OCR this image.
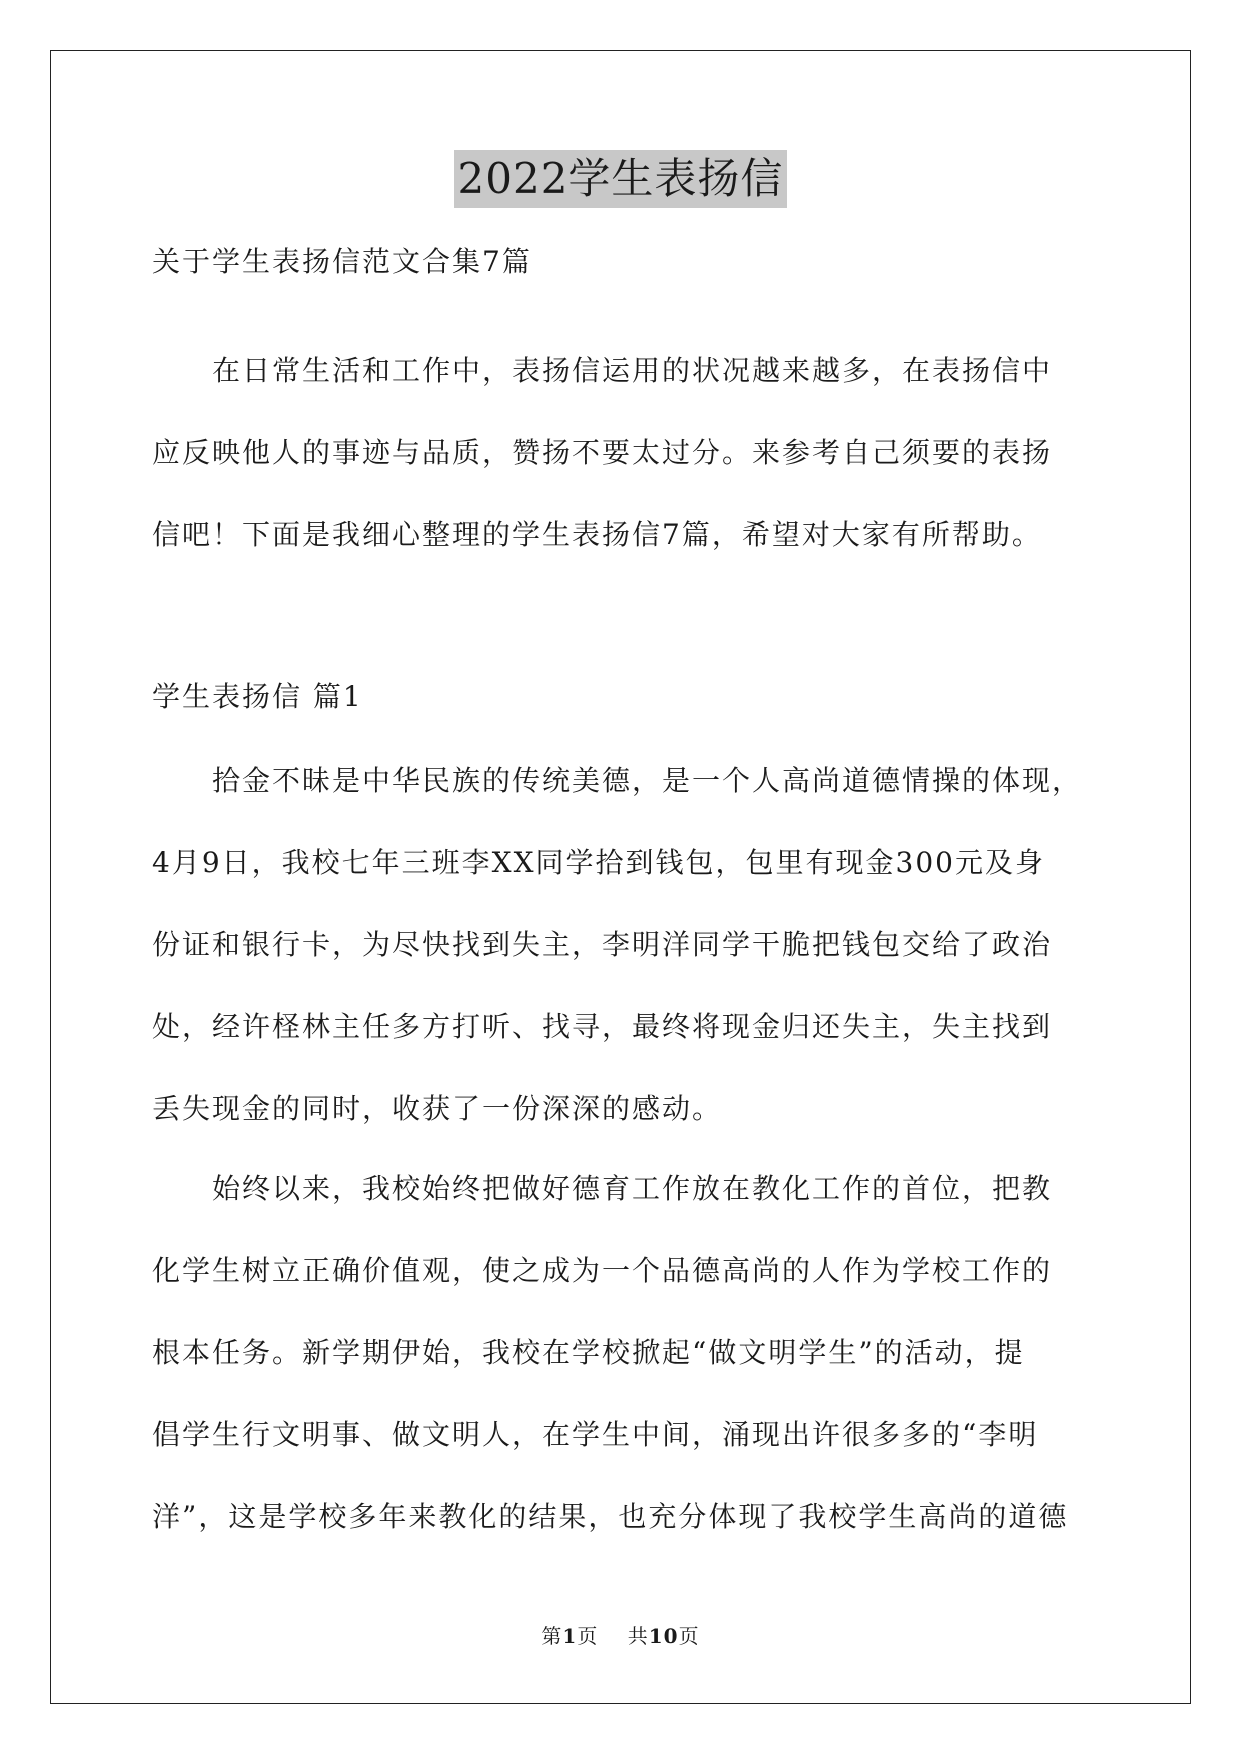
2022学生表扬信
关于学生表扬信范文合集7篇
在日常生活和工作中，表扬信运用的状况越来越多，在表扬信中
应反映他人的事迹与品质，赞扬不要太过分。来参考自己须要的表扬
信吧！下面是我细心整理的学生表扬信7篇，希望对大家有所帮助。
学生表扬信 篇1
拾金不昧是中华民族的传统美德，是一个人高尚道德情操的体现，
4月9日，我校七年三班李XX同学拾到钱包，包里有现金300元及身
份证和银行卡，为尽快找到失主，李明洋同学干脆把钱包交给了政治
处，经许柽林主任多方打听、找寻，最终将现金归还失主，失主找到
丢失现金的同时，收获了一份深深的感动。
始终以来，我校始终把做好德育工作放在教化工作的首位，把教
化学生树立正确价值观，使之成为一个品德高尚的人作为学校工作的
根本任务。新学期伊始，我校在学校掀起“做文明学生”的活动，提
倡学生行文明事、做文明人，在学生中间，涌现出许很多多的“李明
洋”，这是学校多年来教化的结果，也充分体现了我校学生高尚的道德
第1页    共10页
